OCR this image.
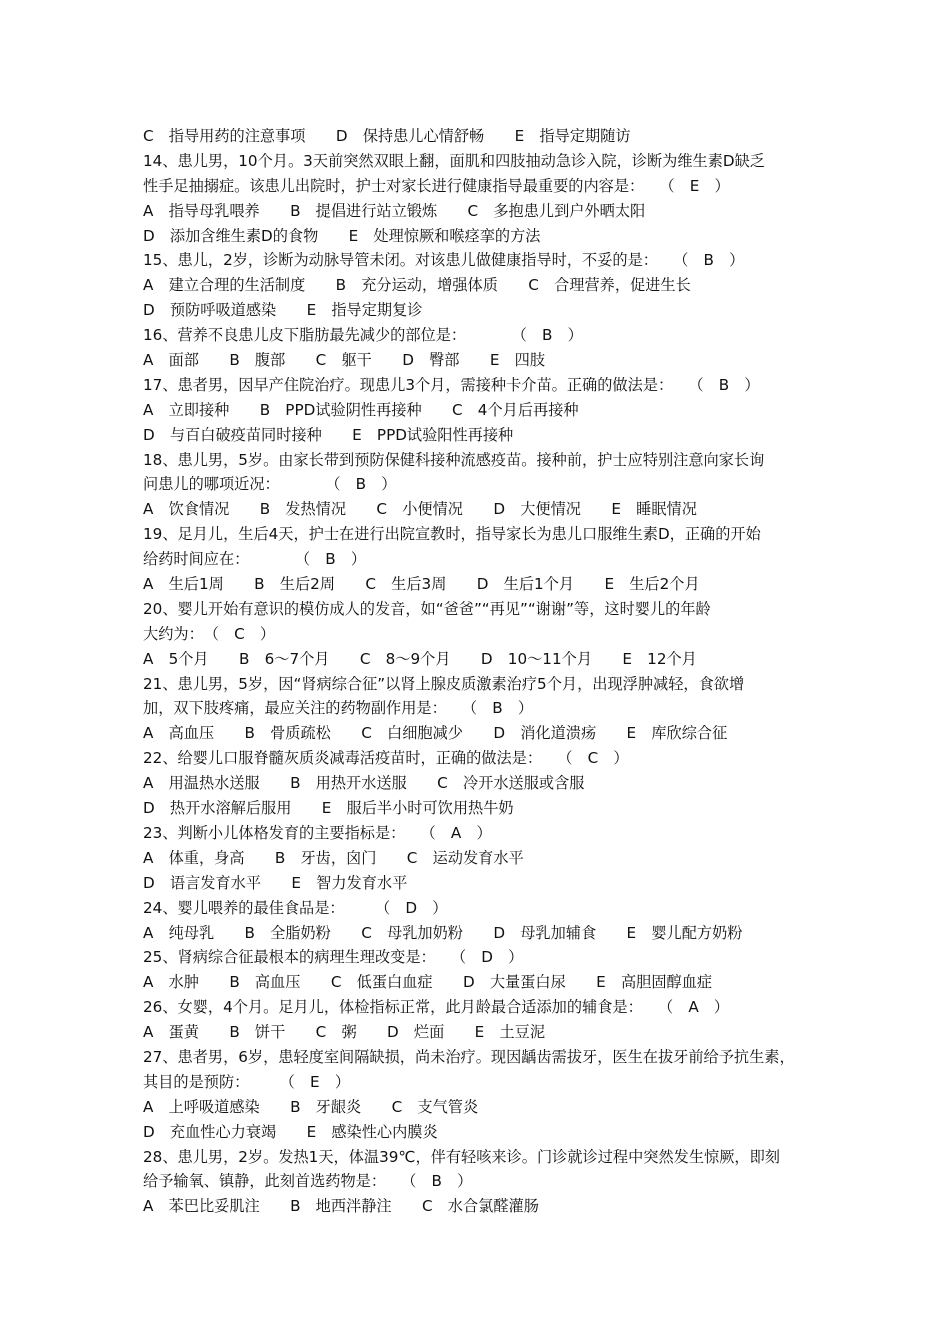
C　指导用药的注意事项　　D　保持患儿心情舒畅　　E　指导定期随访
14、患儿男，10个月。3天前突然双眼上翻，面肌和四肢抽动急诊入院，诊断为维生素D缺乏
性手足抽搦症。该患儿出院时，护士对家长进行健康指导最重要的内容是：　　（　E　）
A　指导母乳喂养　　B　提倡进行站立锻炼　　C　多抱患儿到户外晒太阳
D　添加含维生素D的食物　　E　处理惊厥和喉痉挛的方法
15、患儿，2岁，诊断为动脉导管未闭。对该患儿做健康指导时，不妥的是：　　（　B　）
A　建立合理的生活制度　　B　充分运动，增强体质　　C　合理营养，促进生长
D　预防呼吸道感染　　E　指导定期复诊
16、营养不良患儿皮下脂肪最先减少的部位是：　　　　（　B　）
A　面部　　B　腹部　　C　躯干　　D　臀部　　E　四肢
17、患者男，因早产住院治疗。现患儿3个月，需接种卡介苗。正确的做法是：　　（　B　）
A　立即接种　　B　PPD试验阴性再接种　　C　4个月后再接种
D　与百白破疫苗同时接种　　E　PPD试验阳性再接种
18、患儿男，5岁。由家长带到预防保健科接种流感疫苗。接种前，护士应特别注意向家长询
问患儿的哪项近况：　　　　（　B　）
A　饮食情况　　B　发热情况　　C　小便情况　　D　大便情况　　E　睡眠情况
19、足月儿，生后4天，护士在进行出院宣教时，指导家长为患儿口服维生素D，正确的开始
给药时间应在：　　　　（　B　）
A　生后1周　　B　生后2周　　C　生后3周　　D　生后1个月　　E　生后2个月
20、婴儿开始有意识的模仿成人的发音，如“爸爸”“再见”“谢谢”等，这时婴儿的年龄
大约为：　（　C　）
A　5个月　　B　6～7个月　　C　8～9个月　　D　10～11个月　　E　12个月
21、患儿男，5岁，因“肾病综合征”以肾上腺皮质激素治疗5个月，出现浮肿减轻，食欲增
加，双下肢疼痛，最应关注的药物副作用是：　　（　B　）
A　高血压　　B　骨质疏松　　C　白细胞减少　　D　消化道溃疡　　E　库欣综合征
22、给婴儿口服脊髓灰质炎减毒活疫苗时，正确的做法是：　　（　C　）
A　用温热水送服　　B　用热开水送服　　C　冷开水送服或含服
D　热开水溶解后服用　　E　服后半小时可饮用热牛奶
23、判断小儿体格发育的主要指标是：　　（　A　）
A　体重，身高　　B　牙齿，囟门　　C　运动发育水平
D　语言发育水平　　E　智力发育水平
24、婴儿喂养的最佳食品是：　　　（　D　）
A　纯母乳　　B　全脂奶粉　　C　母乳加奶粉　　D　母乳加辅食　　E　婴儿配方奶粉
25、肾病综合征最根本的病理生理改变是：　　（　D　）
A　水肿　　B　高血压　　C　低蛋白血症　　D　大量蛋白尿　　E　高胆固醇血症
26、女婴，4个月。足月儿，体检指标正常，此月龄最合适添加的辅食是：　　（　A　）
A　蛋黄　　B　饼干　　C　粥　　D　烂面　　E　土豆泥
27、患者男，6岁，患轻度室间隔缺损，尚未治疗。现因龋齿需拔牙，医生在拔牙前给予抗生素，
其目的是预防：　　　（　E　）
A　上呼吸道感染　　B　牙龈炎　　C　支气管炎
D　充血性心力衰竭　　E　感染性心内膜炎
28、患儿男，2岁。发热1天，体温39℃，伴有轻咳来诊。门诊就诊过程中突然发生惊厥，即刻
给予输氧、镇静，此刻首选药物是：　　（　B　）
A　苯巴比妥肌注　　B　地西泮静注　　C　水合氯醛灌肠
